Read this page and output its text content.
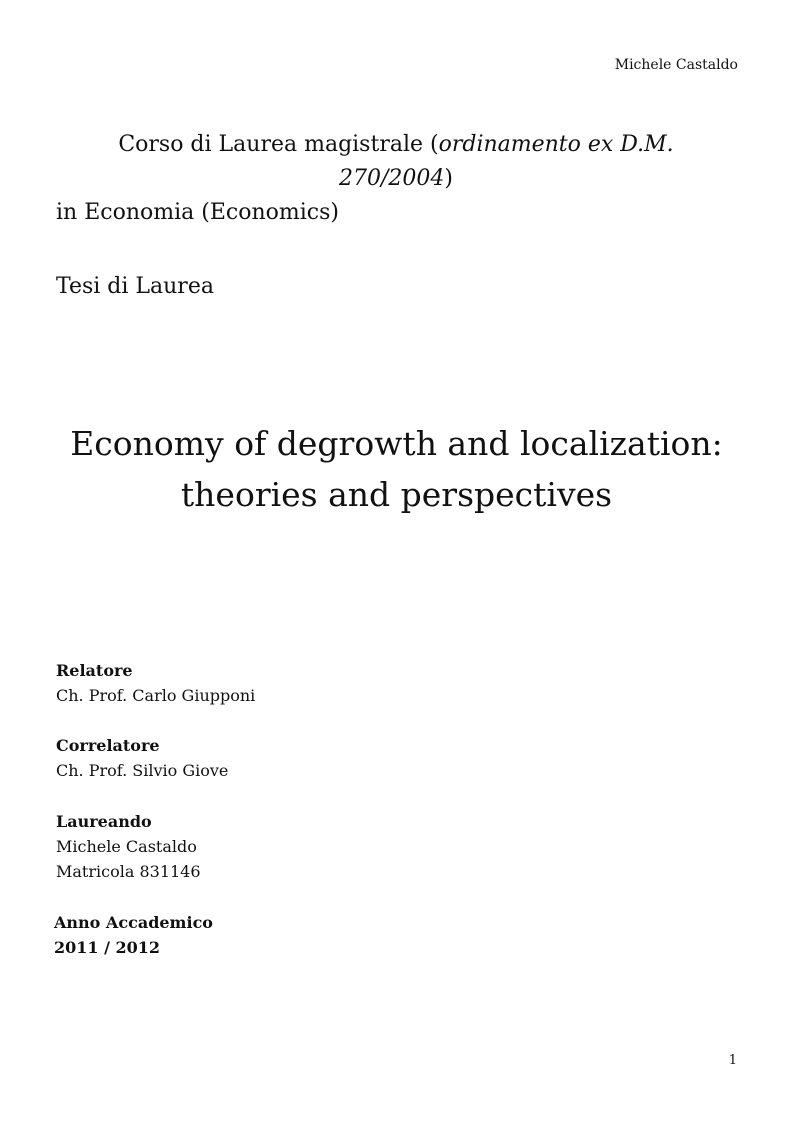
Michele Castaldo
Corso di Laurea magistrale (ordinamento ex D.M.
270/2004)
in Economia (Economics)
Tesi di Laurea
Economy of degrowth and localization:
theories and perspectives
Relatore
Ch. Prof. Carlo Giupponi
Correlatore
Ch. Prof. Silvio Giove
Laureando
Michele Castaldo
Matricola 831146
Anno Accademico
2011 / 2012
1
